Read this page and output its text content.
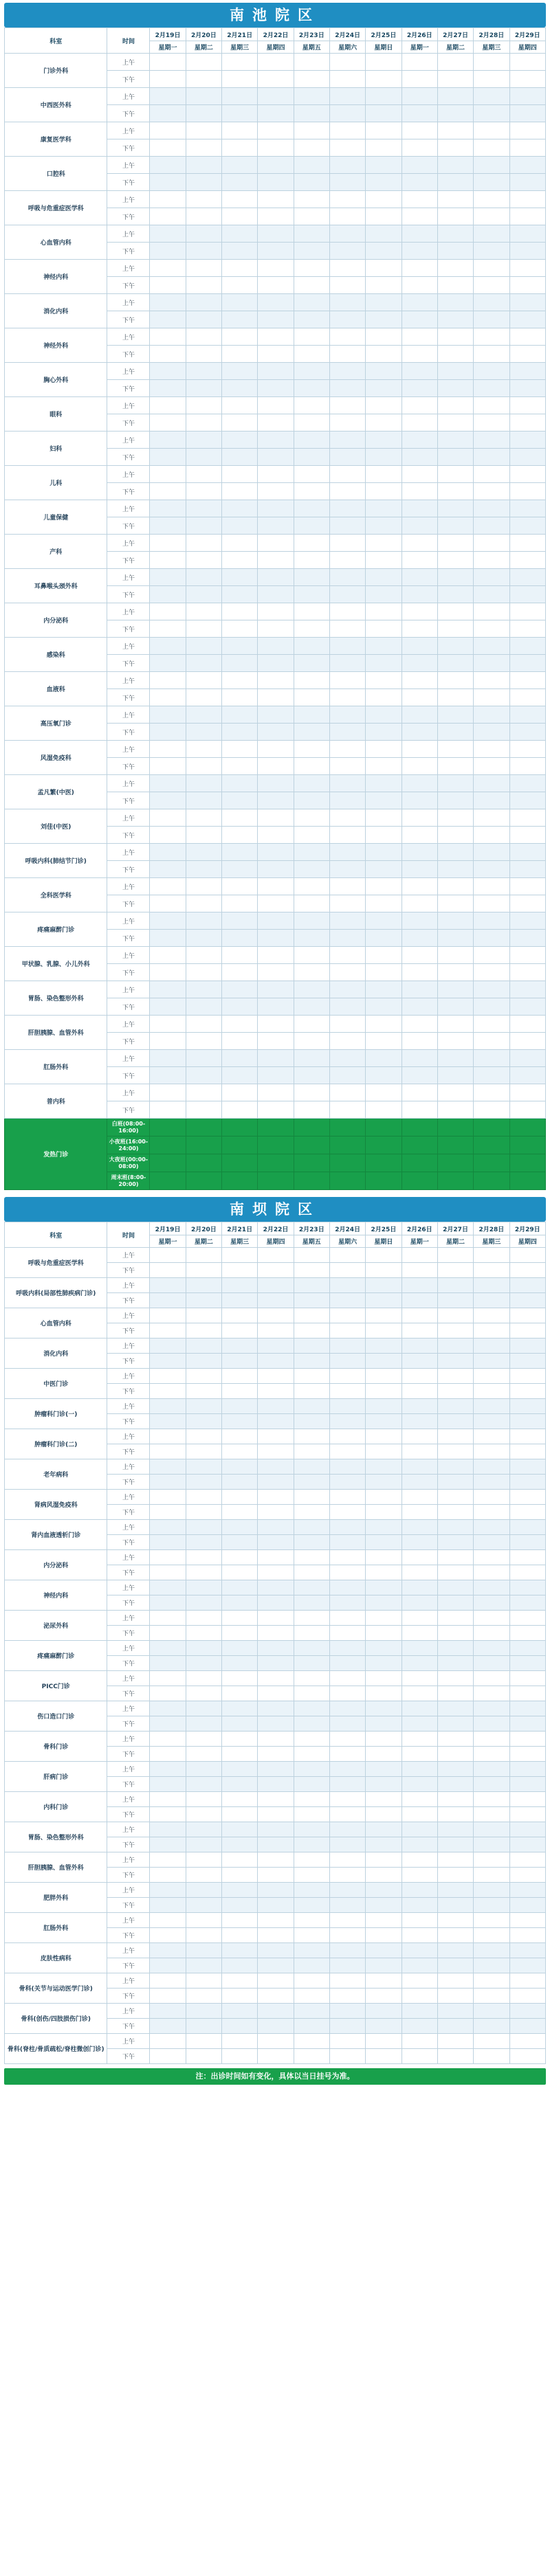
南池院区
科室	时间	2月19日	2月20日	2月21日	2月22日	2月23日	2月24日	2月25日	2月26日	2月27日	2月28日	2月29日
		星期一	星期二	星期三	星期四	星期五	星期六	星期日	星期一	星期二	星期三	星期四
门诊外科	上午											
	下午											
中西医外科	上午											
	下午											
康复医学科	上午											
	下午											
口腔科	上午											
	下午											
呼吸与危重症医学科	上午											
	下午											
心血管内科	上午											
	下午											
神经内科	上午											
	下午											
消化内科	上午											
	下午											
神经外科	上午											
	下午											
胸心外科	上午											
	下午											
眼科	上午											
	下午											
妇科	上午											
	下午											
儿科	上午											
	下午											
儿童保健	上午											
	下午											
产科	上午											
	下午											
耳鼻喉头颈外科	上午											
	下午											
内分泌科	上午											
	下午											
感染科	上午											
	下午											
血液科	上午											
	下午											
高压氧门诊	上午											
	下午											
风湿免疫科	上午											
	下午											
孟凡繁(中医)	上午											
	下午											
刘佳(中医)	上午											
	下午											
呼吸内科(肺结节门诊)	上午											
	下午											
全科医学科	上午											
	下午											
疼痛麻醉门诊	上午											
	下午											
甲状腺、乳腺、小儿外科	上午											
	下午											
胃肠、染色整形外科	上午											
	下午											
肝胆胰腺、血管外科	上午											
	下午											
肛肠外科	上午											
	下午											
普内科	上午											
	下午											
发热门诊	白班(08:00-16:00)											
	小夜班(16:00-24:00)											
	大夜班(00:00-08:00)											
	周末班(8:00-20:00)											
南坝院区
科室	时间	2月19日	2月20日	2月21日	2月22日	2月23日	2月24日	2月25日	2月26日	2月27日	2月28日	2月29日
		星期一	星期二	星期三	星期四	星期五	星期六	星期日	星期一	星期二	星期三	星期四
呼吸与危重症医学科	上午											
	下午											
呼吸内科(局部性肺疾病门诊)	上午											
	下午											
心血管内科	上午											
	下午											
消化内科	上午											
	下午											
中医门诊	上午											
	下午											
肿瘤科门诊(一)	上午											
	下午											
肿瘤科门诊(二)	上午											
	下午											
老年病科	上午											
	下午											
肾病风湿免疫科	上午											
	下午											
肾内血液透析门诊	上午											
	下午											
内分泌科	上午											
	下午											
神经内科	上午											
	下午											
泌尿外科	上午											
	下午											
疼痛麻醉门诊	上午											
	下午											
PICC门诊	上午											
	下午											
伤口造口门诊	上午											
	下午											
骨科门诊	上午											
	下午											
肝病门诊	上午											
	下午											
内科门诊	上午											
	下午											
胃肠、染色整形外科	上午											
	下午											
肝胆胰腺、血管外科	上午											
	下午											
肥胖外科	上午											
	下午											
肛肠外科	上午											
	下午											
皮肤性病科	上午											
	下午											
骨科(关节与运动医学门诊)	上午											
	下午											
骨科(创伤/四肢损伤门诊)	上午											
	下午											
骨科(脊柱/骨质疏松/脊柱微创门诊)	上午											
	下午											
注：出诊时间如有变化，具体以当日挂号为准。
